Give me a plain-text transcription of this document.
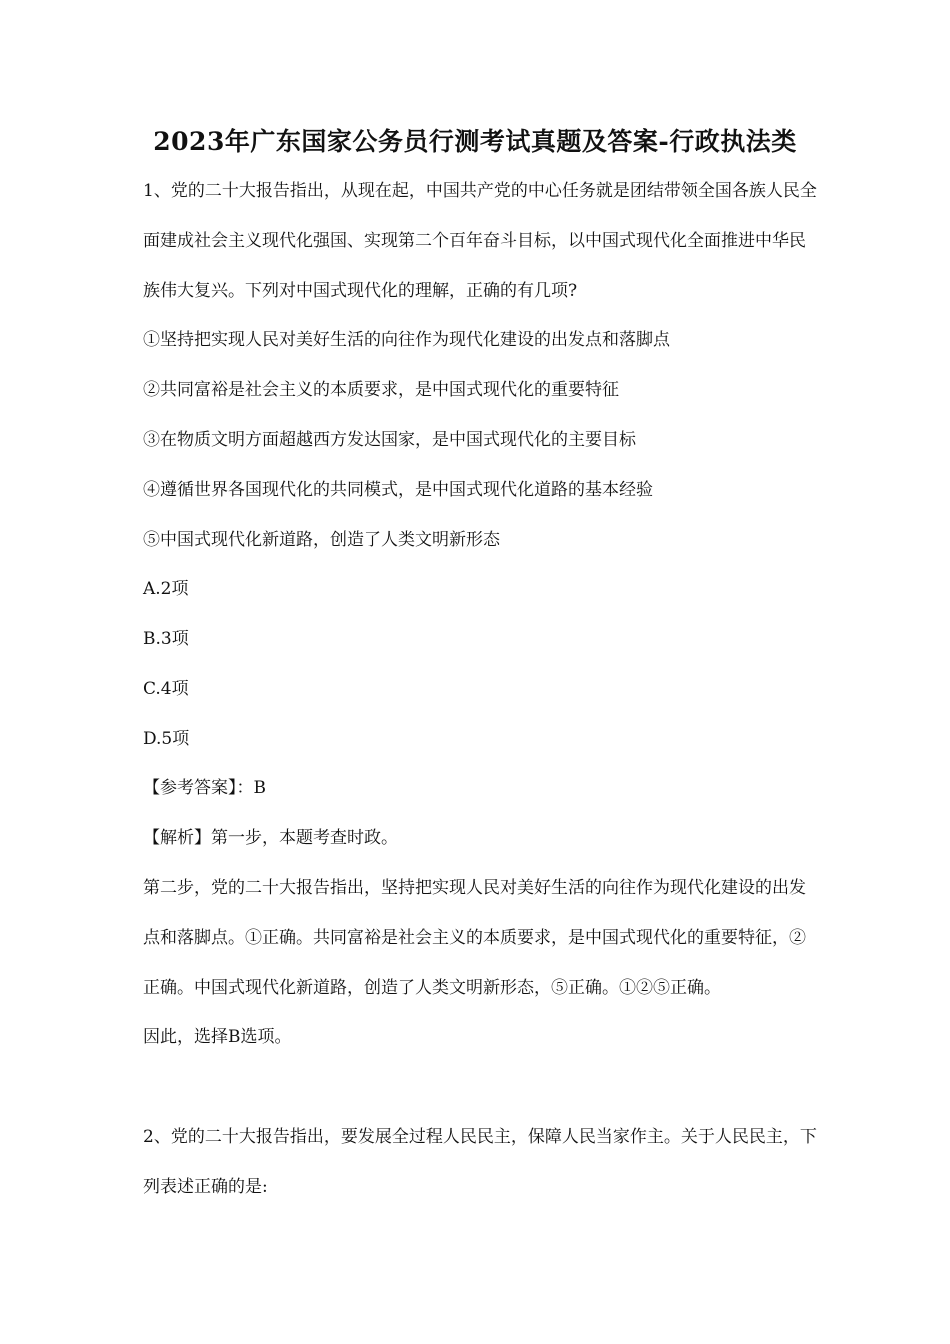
2023年广东国家公务员行测考试真题及答案-行政执法类
1、党的二十大报告指出，从现在起，中国共产党的中心任务就是团结带领全国各族人民全
面建成社会主义现代化强国、实现第二个百年奋斗目标，以中国式现代化全面推进中华民
族伟大复兴。下列对中国式现代化的理解，正确的有几项?
①坚持把实现人民对美好生活的向往作为现代化建设的出发点和落脚点
②共同富裕是社会主义的本质要求，是中国式现代化的重要特征
③在物质文明方面超越西方发达国家，是中国式现代化的主要目标
④遵循世界各国现代化的共同模式，是中国式现代化道路的基本经验
⑤中国式现代化新道路，创造了人类文明新形态
A.2项
B.3项
C.4项
D.5项
【参考答案】：B
【解析】第一步，本题考查时政。
第二步，党的二十大报告指出，坚持把实现人民对美好生活的向往作为现代化建设的出发
点和落脚点。①正确。共同富裕是社会主义的本质要求，是中国式现代化的重要特征，②
正确。中国式现代化新道路，创造了人类文明新形态，⑤正确。①②⑤正确。
因此，选择B选项。
2、党的二十大报告指出，要发展全过程人民民主，保障人民当家作主。关于人民民主，下
列表述正确的是:
